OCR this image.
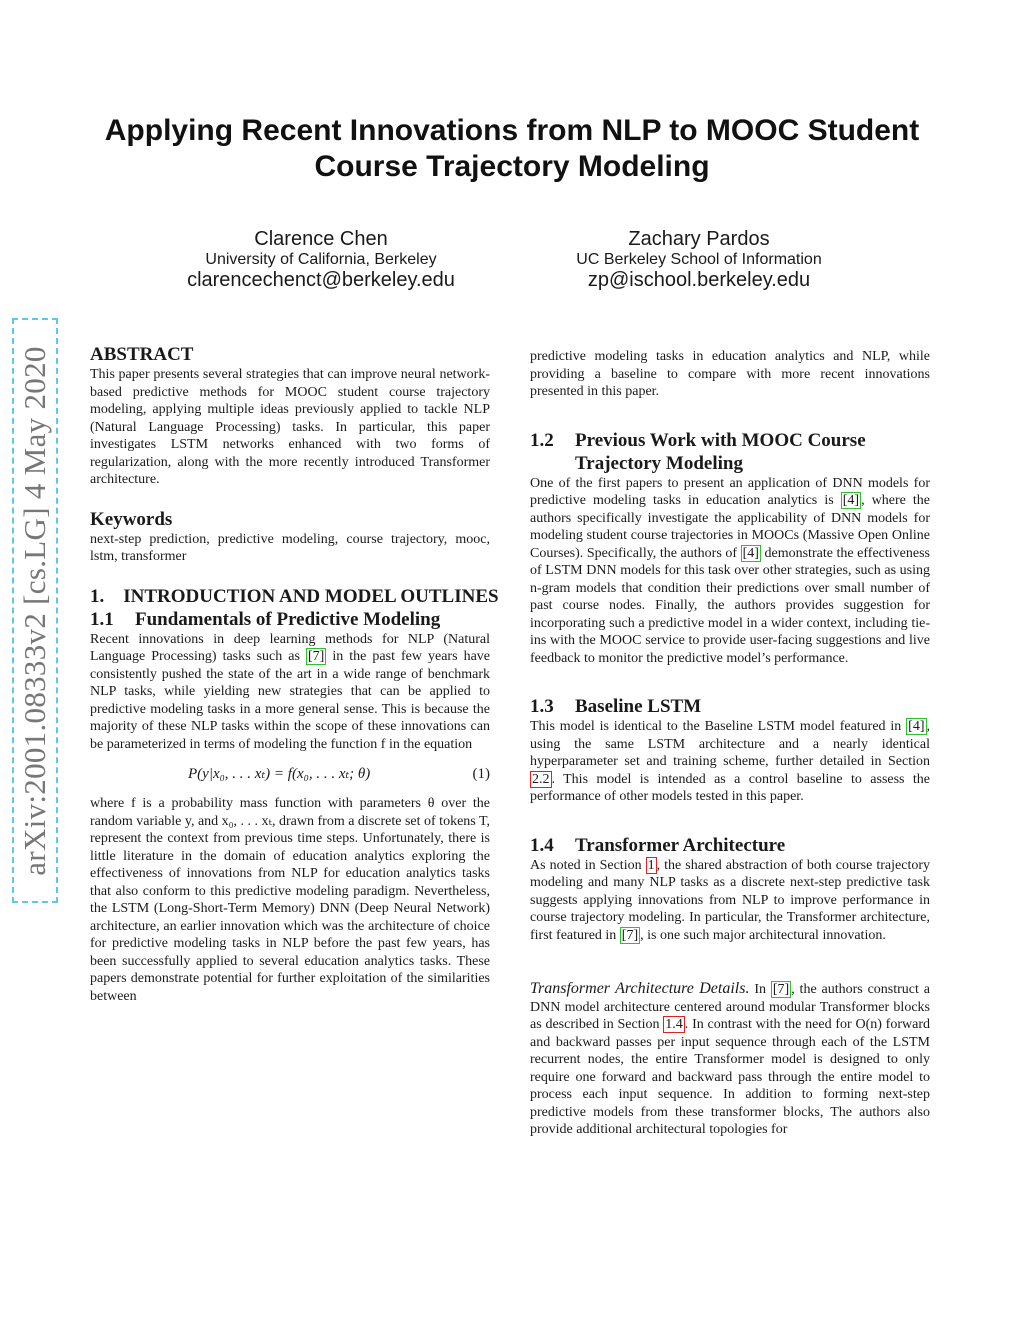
Applying Recent Innovations from NLP to MOOC Student
Course Trajectory Modeling
Clarence Chen
University of California, Berkeley
clarencechenct@berkeley.edu
Zachary Pardos
UC Berkeley School of Information
zp@ischool.berkeley.edu
arXiv:2001.08333v2 [cs.LG] 4 May 2020 ABSTRACT

This paper presents several strategies that can improve neural network-based predictive methods for MOOC student course trajectory modeling, applying multiple ideas previously applied to tackle NLP (Natural Language Processing) tasks. In particular, this paper investigates LSTM networks enhanced with two forms of regularization, along with the more recently introduced Transformer architecture.

Keywords

next-step prediction, predictive modeling, course trajectory, mooc, lstm, transformer

1.    INTRODUCTION AND MODEL OUTLINES
1.1 Fundamentals of Predictive Modeling

Recent innovations in deep learning methods for NLP (Natural Language Processing) tasks such as [7] in the past few years have consistently pushed the state of the art in a wide range of benchmark NLP tasks, while yielding new strategies that can be applied to predictive modeling tasks in a more general sense. This is because the majority of these NLP tasks within the scope of these innovations can be parameterized in terms of modeling the function f in the equation

P(y|x₀, . . . xₜ) = f(x₀, . . . xₜ; θ)	(1)

where f is a probability mass function with parameters θ over the random variable y, and x₀, . . . xₜ, drawn from a discrete set of tokens T, represent the context from previous time steps. Unfortunately, there is little literature in the domain of education analytics exploring the effectiveness of innovations from NLP for education analytics tasks that also conform to this predictive modeling paradigm. Nevertheless, the LSTM (Long-Short-Term Memory) DNN (Deep Neural Network) architecture, an earlier innovation which was the architecture of choice for predictive modeling tasks in NLP before the past few years, has been successfully applied to several education analytics tasks. These papers demonstrate potential for further exploitation of the similarities between

predictive modeling tasks in education analytics and NLP, while providing a baseline to compare with more recent innovations presented in this paper.

1.2	Previous Work with MOOC Course Trajectory Modeling

One of the first papers to present an application of DNN models for predictive modeling tasks in education analytics is [4] , where the authors specifically investigate the applicability of DNN models for modeling student course trajectories in MOOCs (Massive Open Online Courses). Specifically, the authors of [4] demonstrate the effectiveness of LSTM DNN models for this task over other strategies, such as using n-gram models that condition their predictions over small number of past course nodes. Finally, the authors provides suggestion for incorporating such a predictive model in a wider context, including tie-ins with the MOOC service to provide user-facing suggestions and live feedback to monitor the predictive model’s performance.

1.3 Baseline LSTM

This model is identical to the Baseline LSTM model featured in [4] , using the same LSTM architecture and a nearly identical hyperparameter set and training scheme, further detailed in Section 2.2 . This model is intended as a control baseline to assess the performance of other models tested in this paper.

1.4 Transformer Architecture

As noted in Section 1 , the shared abstraction of both course trajectory modeling and many NLP tasks as a discrete next-step predictive task suggests applying innovations from NLP to improve performance in course trajectory modeling. In particular, the Transformer architecture, first featured in [7] , is one such major architectural innovation.

Transformer Architecture Details. In [7] , the authors construct a DNN model architecture centered around modular Transformer blocks as described in Section 1.4 . In contrast with the need for O(n) forward and backward passes per input sequence through each of the LSTM recurrent nodes, the entire Transformer model is designed to only require one forward and backward pass through the entire model to process each input sequence. In addition to forming next-step predictive models from these transformer blocks, The authors also provide additional architectural topologies for
